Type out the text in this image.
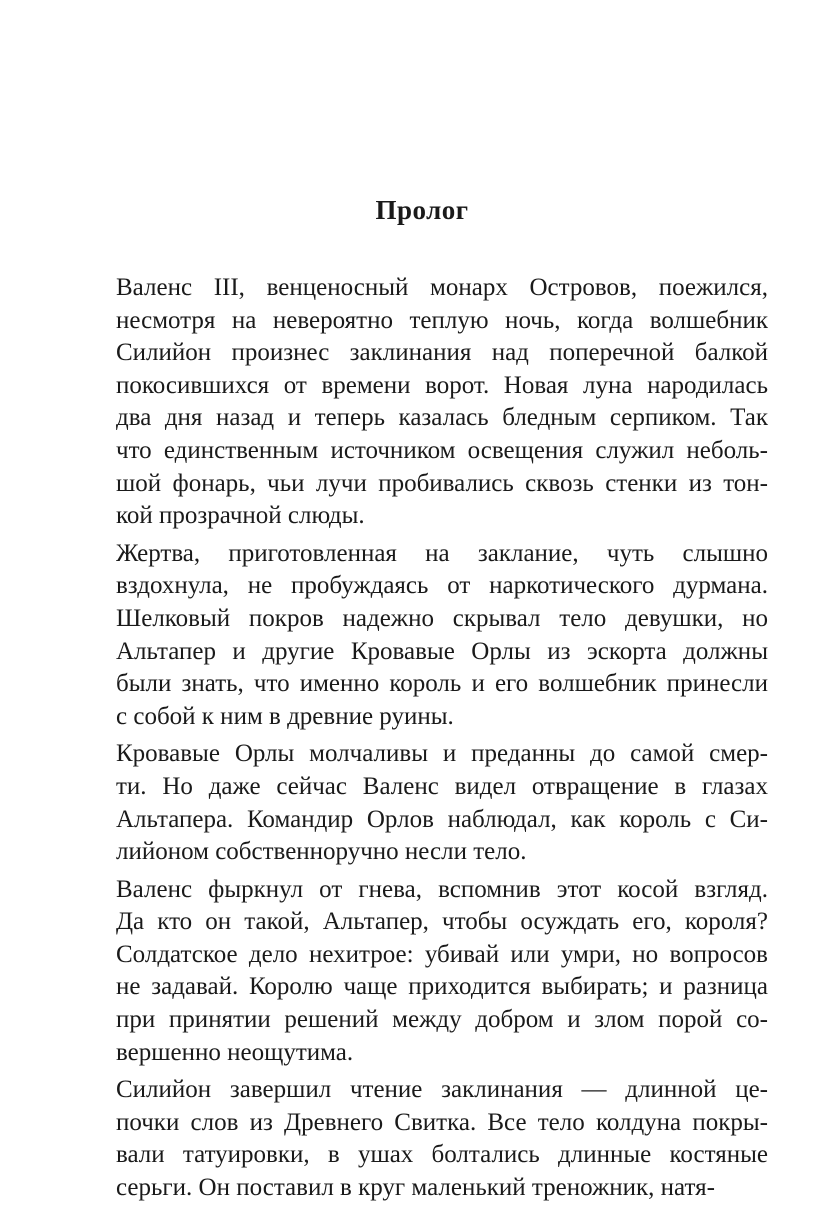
Пролог

Валенс III, венценосный монарх Островов, поежился,
несмотря на невероятно теплую ночь, когда волшебник
Силийон произнес заклинания над поперечной балкой
покосившихся от времени ворот. Новая луна народилась
два дня назад и теперь казалась бледным серпиком. Так
что единственным источником освещения служил неболь-
шой фонарь, чьи лучи пробивались сквозь стенки из тон-
кой прозрачной слюды.

Жертва, приготовленная на заклание, чуть слышно
вздохнула, не пробуждаясь от наркотического дурмана.
Шелковый покров надежно скрывал тело девушки, но
Альтапер и другие Кровавые Орлы из эскорта должны
были знать, что именно король и его волшебник принесли
с собой к ним в древние руины.

Кровавые Орлы молчаливы и преданны до самой смер-
ти. Но даже сейчас Валенс видел отвращение в глазах
Альтапера. Командир Орлов наблюдал, как король с Си-
лийоном собственноручно несли тело.

Валенс фыркнул от гнева, вспомнив этот косой взгляд.
Да кто он такой, Альтапер, чтобы осуждать его, короля?
Солдатское дело нехитрое: убивай или умри, но вопросов
не задавай. Королю чаще приходится выбирать; и разница
при принятии решений между добром и злом порой со-
вершенно неощутима.

Силийон завершил чтение заклинания — длинной це-
почки слов из Древнего Свитка. Все тело колдуна покры-
вали татуировки, в ушах болтались длинные костяные
серьги. Он поставил в круг маленький треножник, натя-
